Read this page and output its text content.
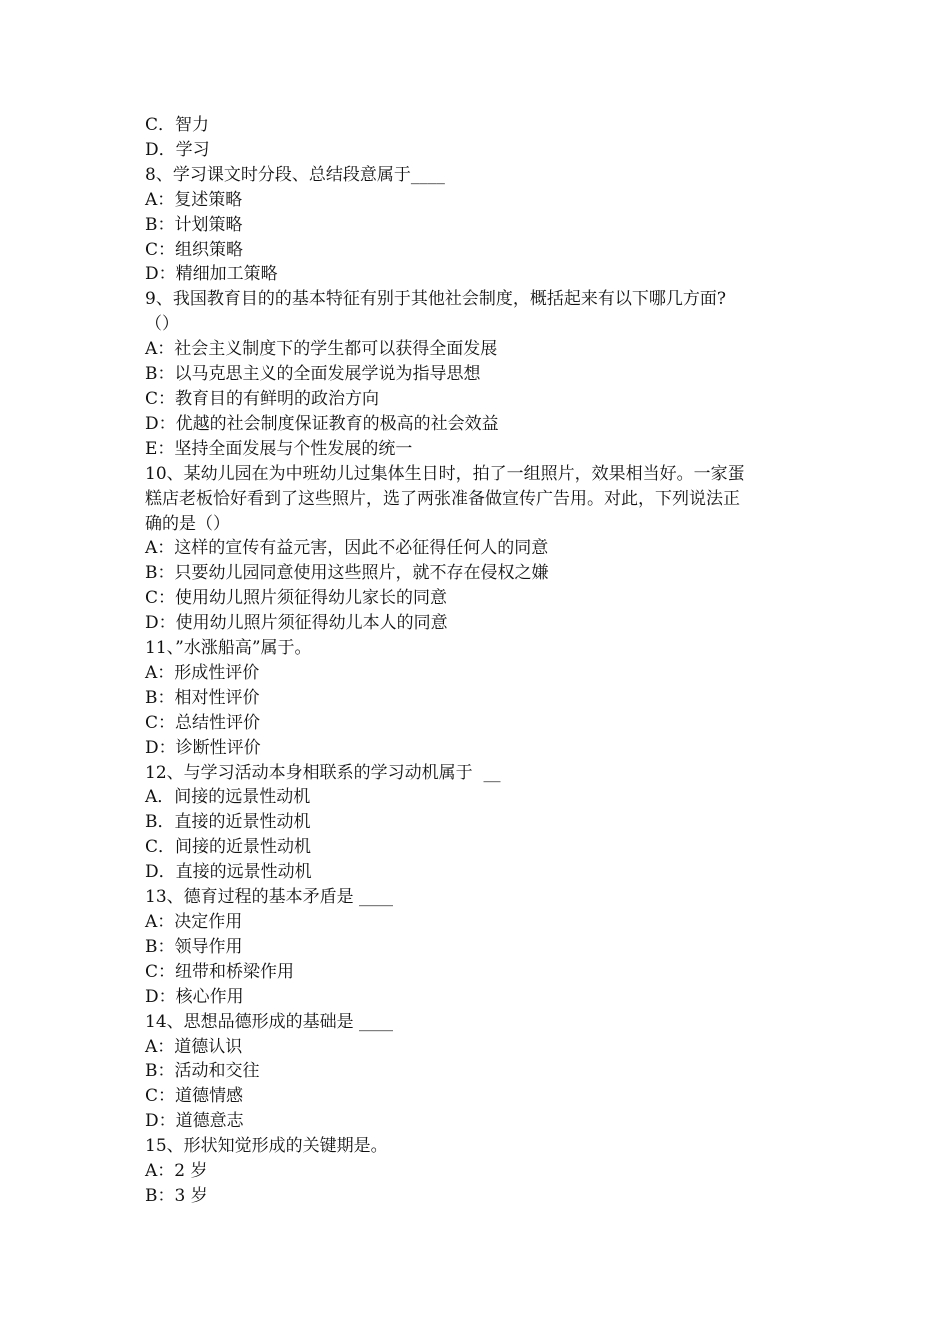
C．智力

D．学习

8、学习课文时分段、总结段意属于____

A：复述策略

B：计划策略

C：组织策略

D：精细加工策略

9、我国教育目的的基本特征有别于其他社会制度，概括起来有以下哪几方面?

（）

A：社会主义制度下的学生都可以获得全面发展

B：以马克思主义的全面发展学说为指导思想

C：教育目的有鲜明的政治方向

D：优越的社会制度保证教育的极高的社会效益

E：坚持全面发展与个性发展的统一

10、某幼儿园在为中班幼儿过集体生日时，拍了一组照片，效果相当好。一家蛋

糕店老板恰好看到了这些照片，选了两张准备做宣传广告用。对此，下列说法正

确的是（）

A：这样的宣传有益元害，因此不必征得任何人的同意

B：只要幼儿园同意使用这些照片，就不存在侵权之嫌

C：使用幼儿照片须征得幼儿家长的同意

D：使用幼儿照片须征得幼儿本人的同意

11、”水涨船高”属于。

A：形成性评价

B：相对性评价

C：总结性评价

D：诊断性评价

12、与学习活动本身相联系的学习动机属于  __

A．间接的远景性动机

B．直接的近景性动机

C．间接的近景性动机

D．直接的远景性动机

13、德育过程的基本矛盾是 ____

A：决定作用

B：领导作用

C：纽带和桥梁作用

D：核心作用

14、思想品德形成的基础是 ____

A：道德认识

B：活动和交往

C：道德情感

D：道德意志

15、形状知觉形成的关键期是。

A：2 岁

B：3 岁
